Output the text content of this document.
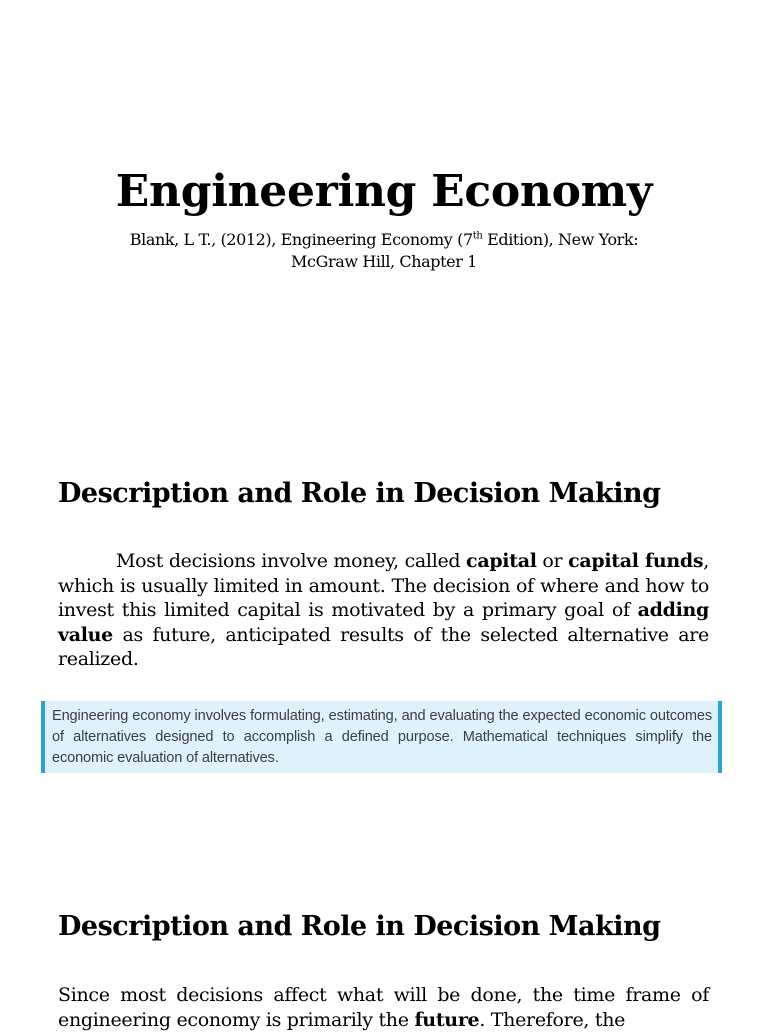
Engineering Economy
Blank, L T., (2012), Engineering Economy (7th Edition), New York:
McGraw Hill, Chapter 1
Description and Role in Decision Making
Most decisions involve money, called capital or capital funds, which is usually limited in amount. The decision of where and how to invest this limited capital is motivated by a primary goal of adding value as future, anticipated results of the selected alternative are realized.
Engineering economy involves formulating, estimating, and evaluating the expected economic outcomes of alternatives designed to accomplish a defined purpose. Mathematical techniques simplify the economic evaluation of alternatives.
Description and Role in Decision Making
Since most decisions affect what will be done, the time frame of engineering economy is primarily the future. Therefore, the
